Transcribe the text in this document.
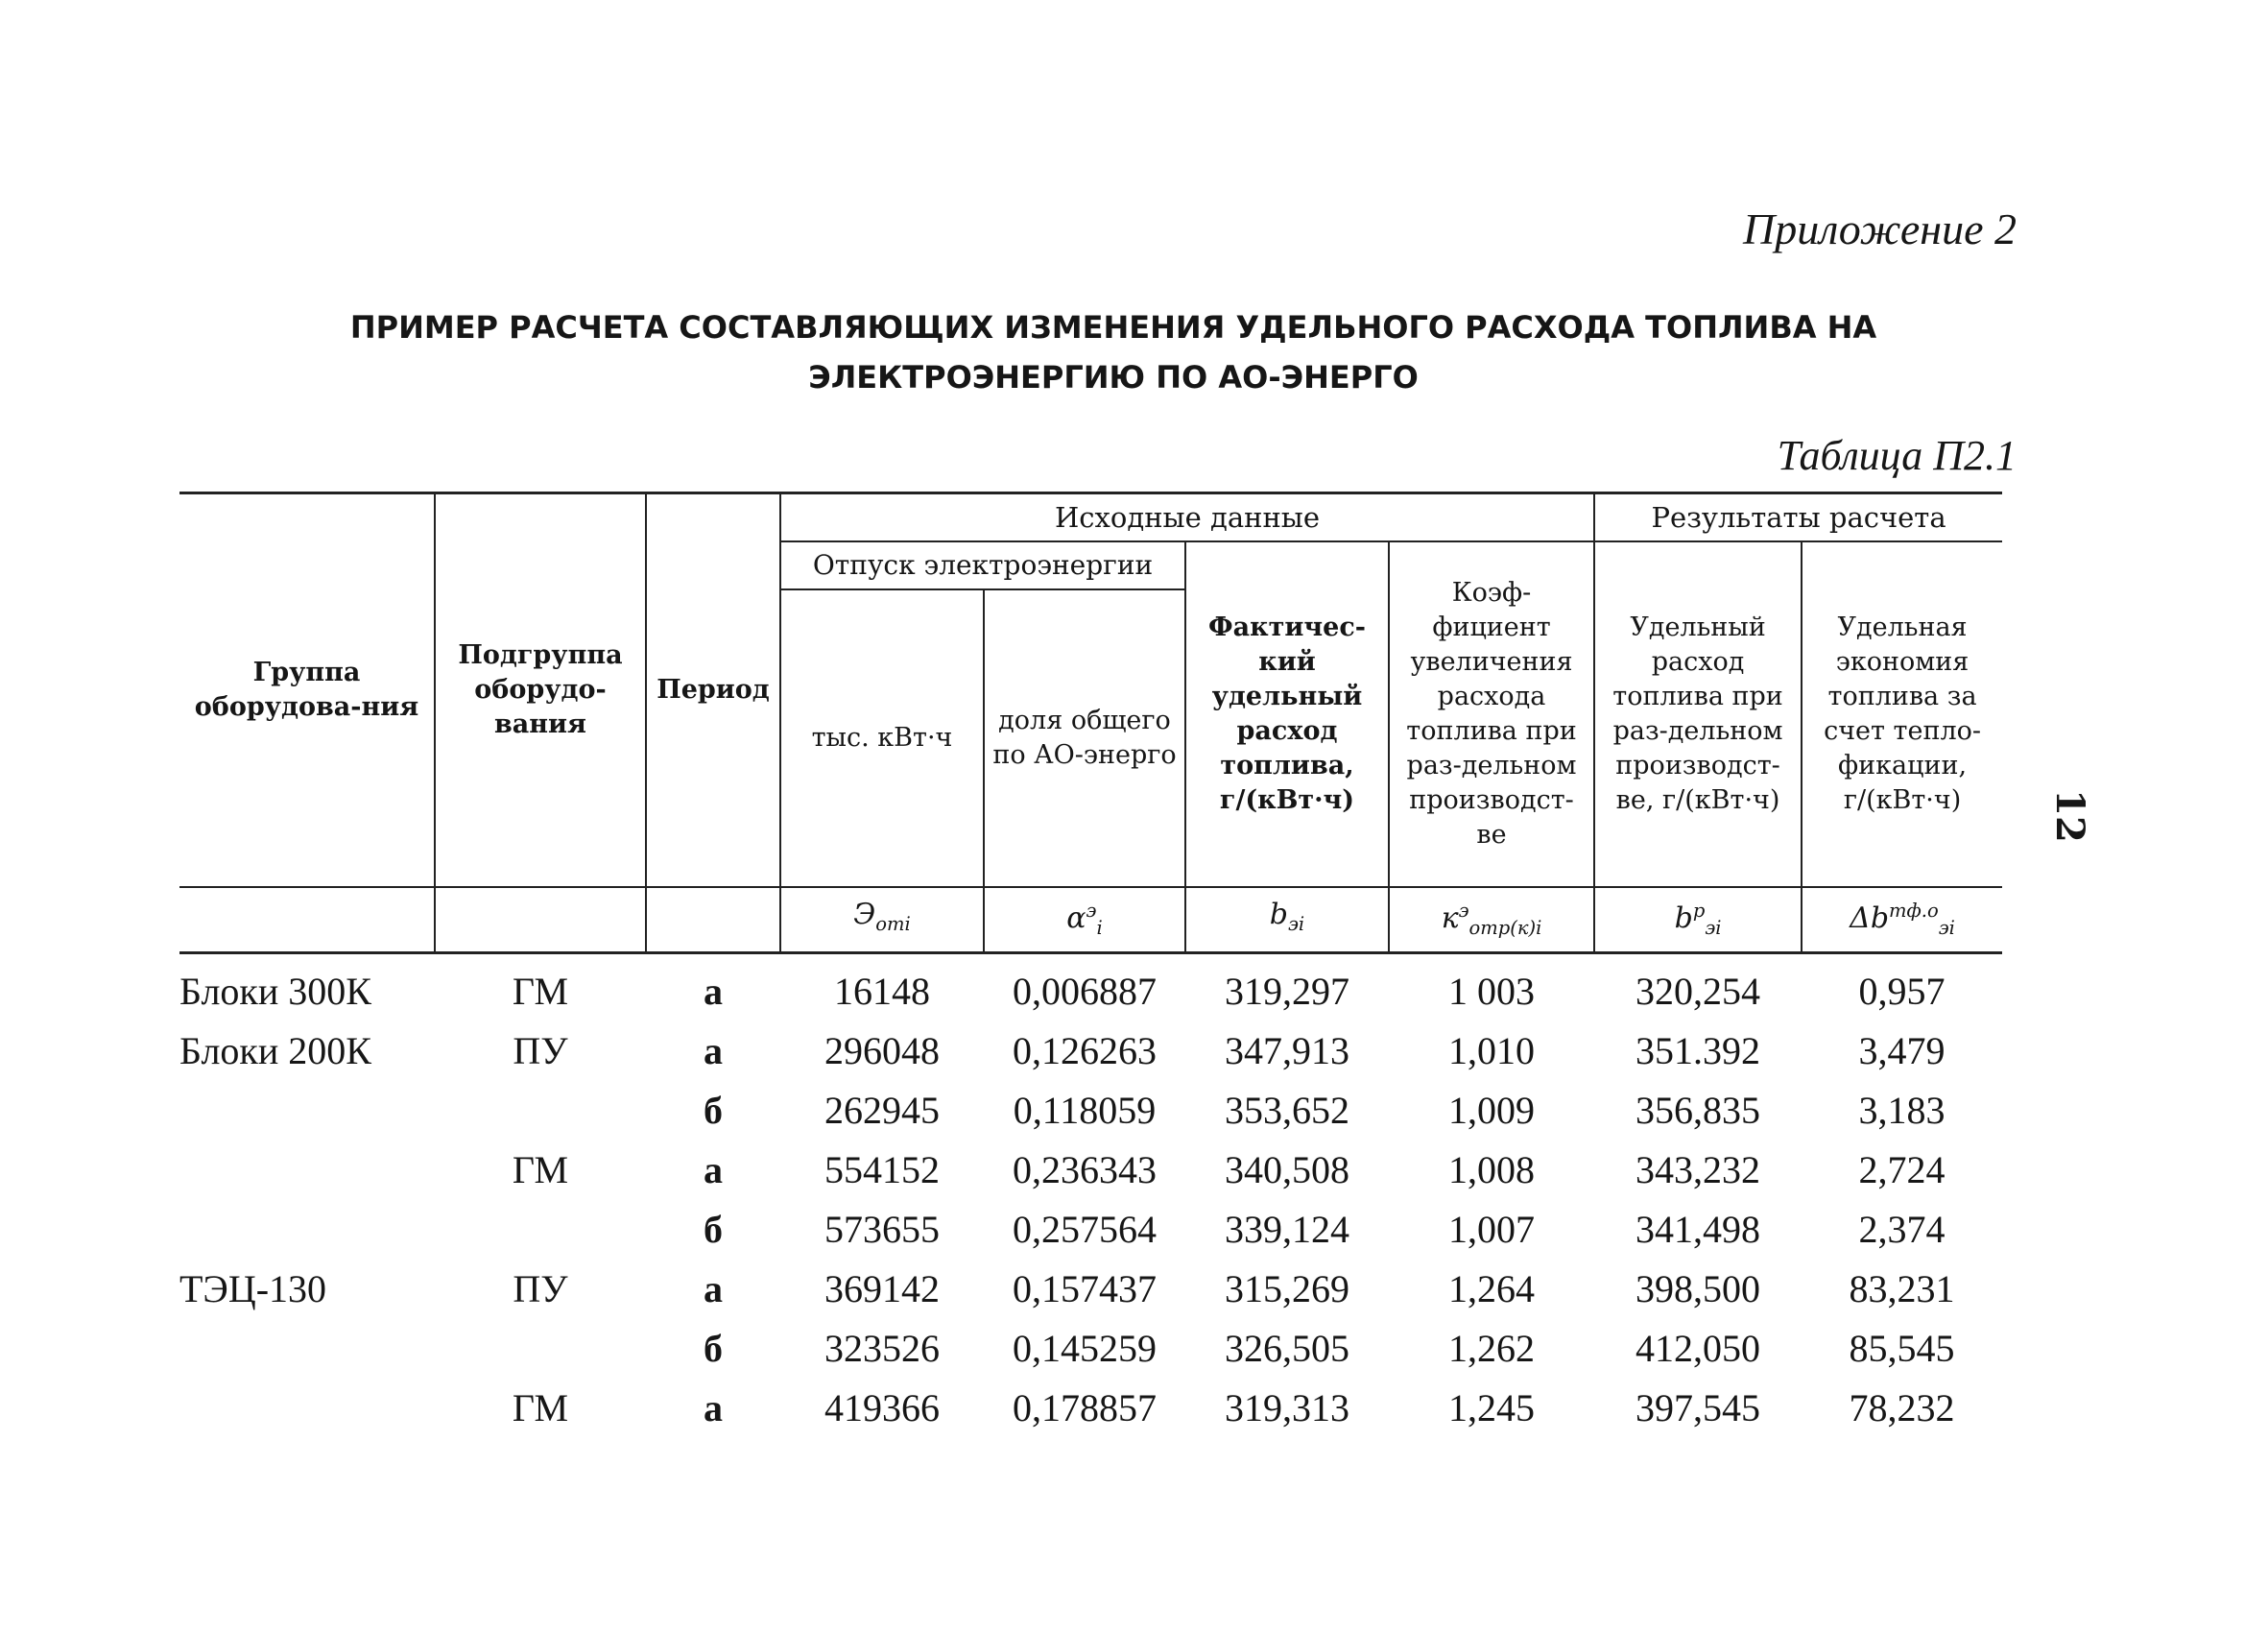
Приложение 2
ПРИМЕР РАСЧЕТА СОСТАВЛЯЮЩИХ ИЗМЕНЕНИЯ УДЕЛЬНОГО РАСХОДА ТОПЛИВА НА
ЭЛЕКТРОЭНЕРГИЮ ПО АО-ЭНЕРГО
Таблица П2.1
12
Группа оборудова-ния	Подгруппа оборудо-вания	Период	Исходные данные				Результаты расчета	
			Отпуск электроэнергии		Фактичес-кий удельный расход топлива, г/(кВт·ч)	Коэф-фициент увеличения расхода топлива при раз-дельном производст-ве	Удельный расход топлива при раз-дельном производст-ве, г/(кВт·ч)	Удельная экономия топлива за счет тепло-фикации, г/(кВт·ч)
			тыс. кВт·ч	доля общего по АО-энерго				
			$Э_{отi}$	$\alpha^э_i$	$b_{эi}$	$к^э_{отр(к)i}$	$b^р_{эi}$	$\Delta b^{тф.о}_{эi}$
Блоки 300К	ГМ	а	16148	0,006887	319,297	1 003	320,254	0,957
Блоки 200К	ПУ	а	296048	0,126263	347,913	1,010	351.392	3,479
		б	262945	0,118059	353,652	1,009	356,835	3,183
	ГМ	а	554152	0,236343	340,508	1,008	343,232	2,724
		б	573655	0,257564	339,124	1,007	341,498	2,374
ТЭЦ-130	ПУ	а	369142	0,157437	315,269	1,264	398,500	83,231
		б	323526	0,145259	326,505	1,262	412,050	85,545
	ГМ	а	419366	0,178857	319,313	1,245	397,545	78,232
